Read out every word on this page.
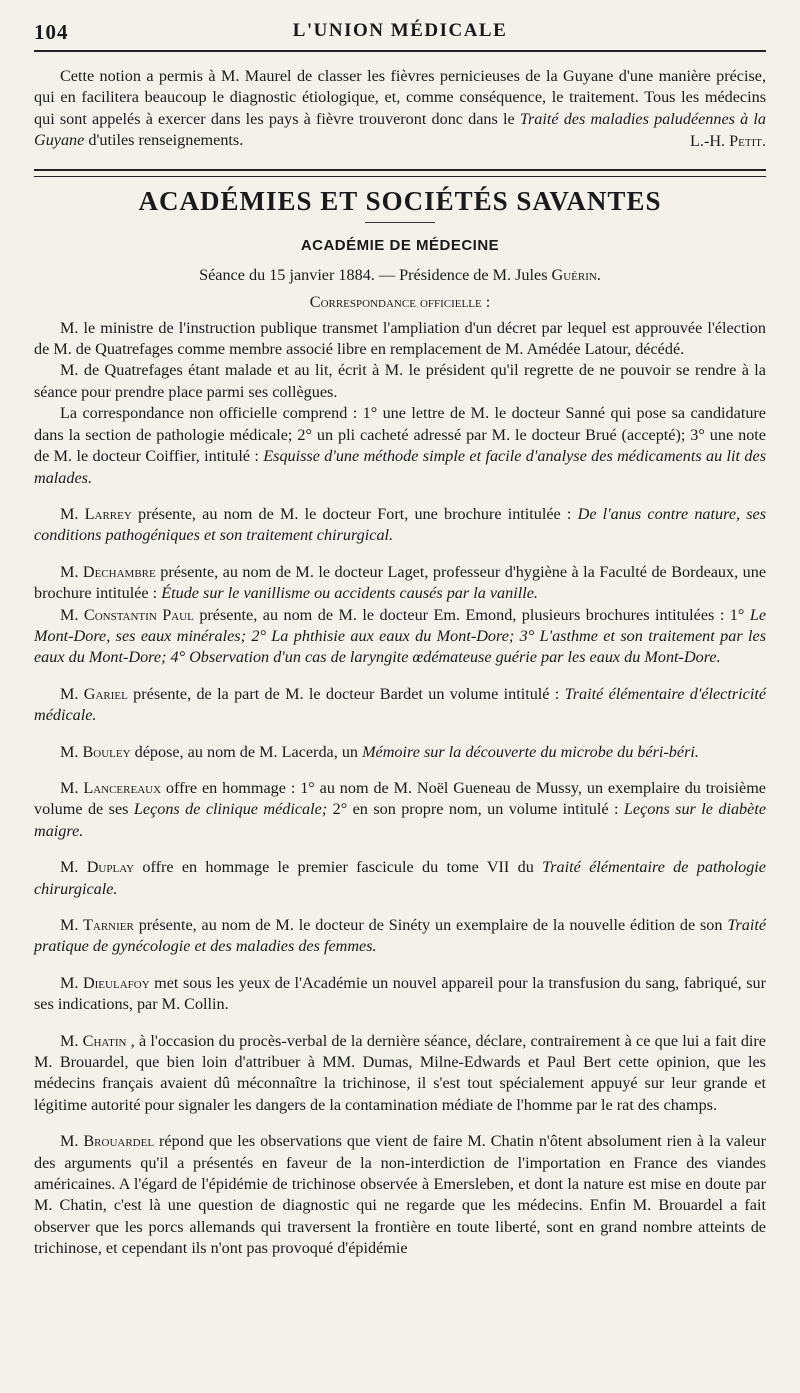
104	L'UNION MÉDICALE

Cette notion a permis à M. Maurel de classer les fièvres pernicieuses de la Guyane d'une manière précise, qui en facilitera beaucoup le diagnostic étiologique, et, comme conséquence, le traitement. Tous les médecins qui sont appelés à exercer dans les pays à fièvre trouveront donc dans le Traité des maladies paludéennes à la Guyane d'utiles renseignements.	L.-H. Petit.
ACADÉMIES ET SOCIÉTÉS SAVANTES
ACADÉMIE DE MÉDECINE
Séance du 15 janvier 1884. — Présidence de M. Jules Guérin.
Correspondance officielle :

M. le ministre de l'instruction publique transmet l'ampliation d'un décret par lequel est approuvée l'élection de M. de Quatrefages comme membre associé libre en remplacement de M. Amédée Latour, décédé.

M. de Quatrefages étant malade et au lit, écrit à M. le président qu'il regrette de ne pouvoir se rendre à la séance pour prendre place parmi ses collègues.

La correspondance non officielle comprend : 1° une lettre de M. le docteur Sanné qui pose sa candidature dans la section de pathologie médicale; 2° un pli cacheté adressé par M. le docteur Brué (accepté); 3° une note de M. le docteur Coiffier, intitulé : Esquisse d'une méthode simple et facile d'analyse des médicaments au lit des malades.

M. Larrey présente, au nom de M. le docteur Fort, une brochure intitulée : De l'anus contre nature, ses conditions pathogéniques et son traitement chirurgical.

M. Dechambre présente, au nom de M. le docteur Laget, professeur d'hygiène à la Faculté de Bordeaux, une brochure intitulée : Étude sur le vanillisme ou accidents causés par la vanille.

M. Constantin Paul présente, au nom de M. le docteur Em. Emond, plusieurs brochures intitulées : 1° Le Mont-Dore, ses eaux minérales; 2° La phthisie aux eaux du Mont-Dore; 3° L'asthme et son traitement par les eaux du Mont-Dore; 4° Observation d'un cas de laryngite œdémateuse guérie par les eaux du Mont-Dore.

M. Gariel présente, de la part de M. le docteur Bardet un volume intitulé : Traité élémentaire d'électricité médicale.

M. Bouley dépose, au nom de M. Lacerda, un Mémoire sur la découverte du microbe du béri-béri.

M. Lancereaux offre en hommage : 1° au nom de M. Noël Gueneau de Mussy, un exemplaire du troisième volume de ses Leçons de clinique médicale; 2° en son propre nom, un volume intitulé : Leçons sur le diabète maigre.

M. Duplay offre en hommage le premier fascicule du tome VII du Traité élémentaire de pathologie chirurgicale.

M. Tarnier présente, au nom de M. le docteur de Sinéty un exemplaire de la nouvelle édition de son Traité pratique de gynécologie et des maladies des femmes.

M. Dieulafoy met sous les yeux de l'Académie un nouvel appareil pour la transfusion du sang, fabriqué, sur ses indications, par M. Collin.

M. Chatin , à l'occasion du procès-verbal de la dernière séance, déclare, contrairement à ce que lui a fait dire M. Brouardel, que bien loin d'attribuer à MM. Dumas, Milne-Edwards et Paul Bert cette opinion, que les médecins français avaient dû méconnaître la trichinose, il s'est tout spécialement appuyé sur leur grande et légitime autorité pour signaler les dangers de la contamination médiate de l'homme par le rat des champs.

M. Brouardel répond que les observations que vient de faire M. Chatin n'ôtent absolument rien à la valeur des arguments qu'il a présentés en faveur de la non-interdiction de l'importation en France des viandes américaines. A l'égard de l'épidémie de trichinose observée à Emersleben, et dont la nature est mise en doute par M. Chatin, c'est là une question de diagnostic qui ne regarde que les médecins. Enfin M. Brouardel a fait observer que les porcs allemands qui traversent la frontière en toute liberté, sont en grand nombre atteints de trichinose, et cependant ils n'ont pas provoqué d'épidémie
